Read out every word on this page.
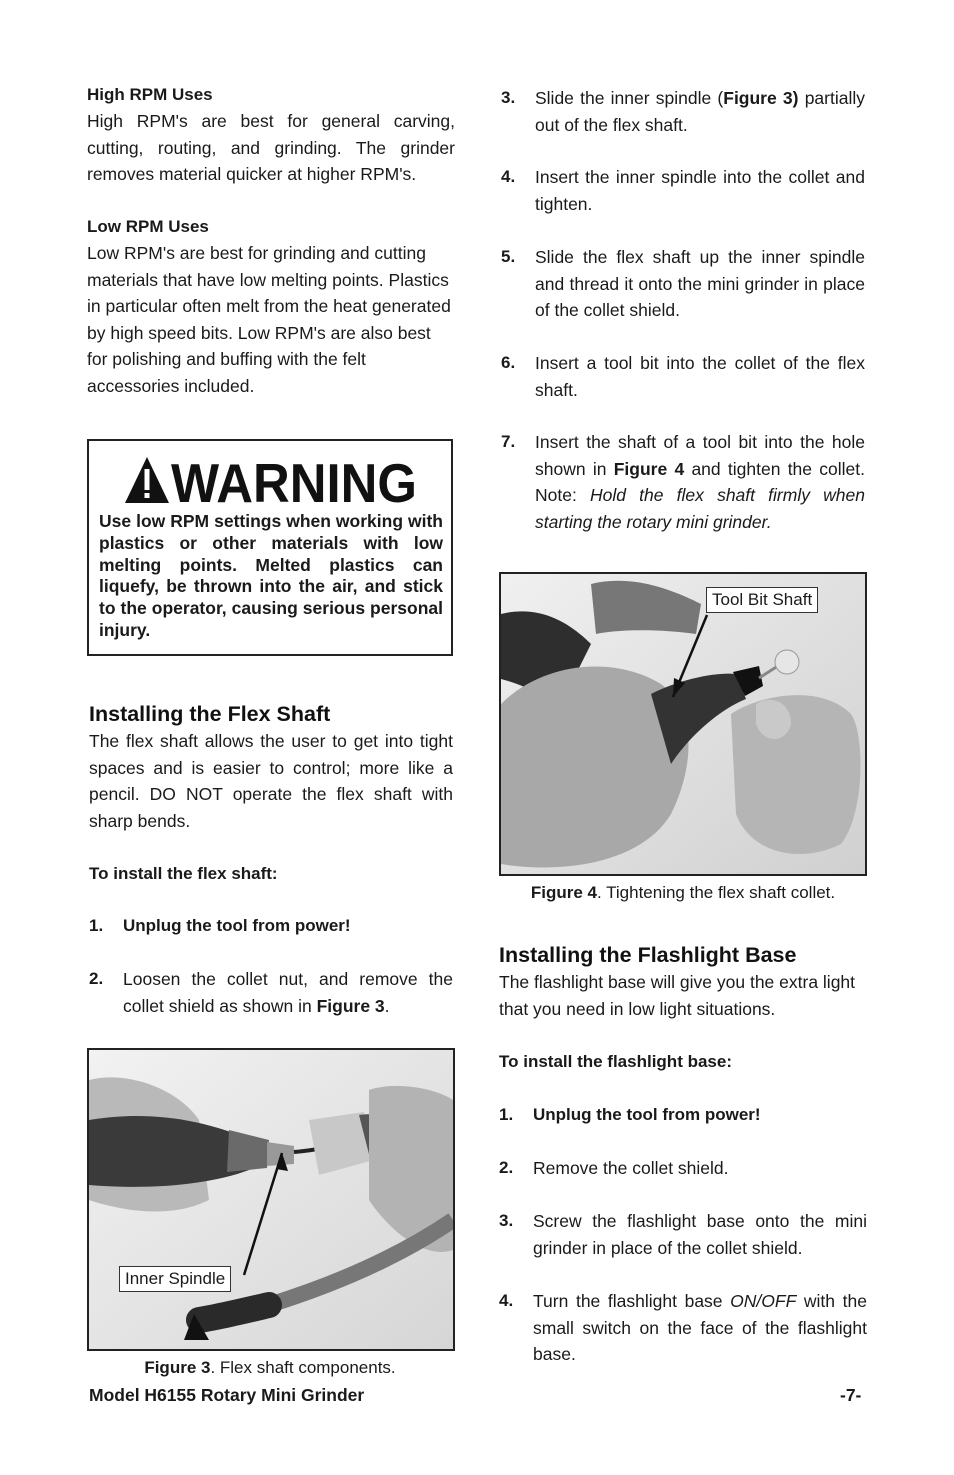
High RPM Uses

High RPM's are best for general carving, cutting, routing, and grinding. The grinder removes material quicker at higher RPM's.

Low RPM Uses

Low RPM's are best for grinding and cutting materials that have low melting points. Plastics in particular often melt from the heat generated by high speed bits. Low RPM's are also best for polishing and buffing with the felt accessories included.

WARNING
Use low RPM settings when working with plastics or other materials with low melting points. Melted plastics can liquefy, be thrown into the air, and stick to the operator, causing serious personal injury.

Installing the Flex Shaft

The flex shaft allows the user to get into tight spaces and is easier to control; more like a pencil. DO NOT operate the flex shaft with sharp bends.

To install the flex shaft:

1. Unplug the tool from power!
2. Loosen the collet nut, and remove the collet shield as shown in Figure 3.
Inner Spindle
Figure 3. Flex shaft components.
3. Slide the inner spindle (Figure 3) partially out of the flex shaft.
4. Insert the inner spindle into the collet and tighten.
5. Slide the flex shaft up the inner spindle and thread it onto the mini grinder in place of the collet shield.
6. Insert a tool bit into the collet of the flex shaft.
7. Insert the shaft of a tool bit into the hole shown in Figure 4 and tighten the collet. Note: Hold the flex shaft firmly when starting the rotary mini grinder.
Tool Bit Shaft
Figure 4. Tightening the flex shaft collet.

Installing the Flashlight Base

The flashlight base will give you the extra light that you need in low light situations.

To install the flashlight base:

1. Unplug the tool from power!
2. Remove the collet shield.
3. Screw the flashlight base onto the mini grinder in place of the collet shield.
4. Turn the flashlight base ON/OFF with the small switch on the face of the flashlight base.
Model H6155 Rotary Mini Grinder	-7-
